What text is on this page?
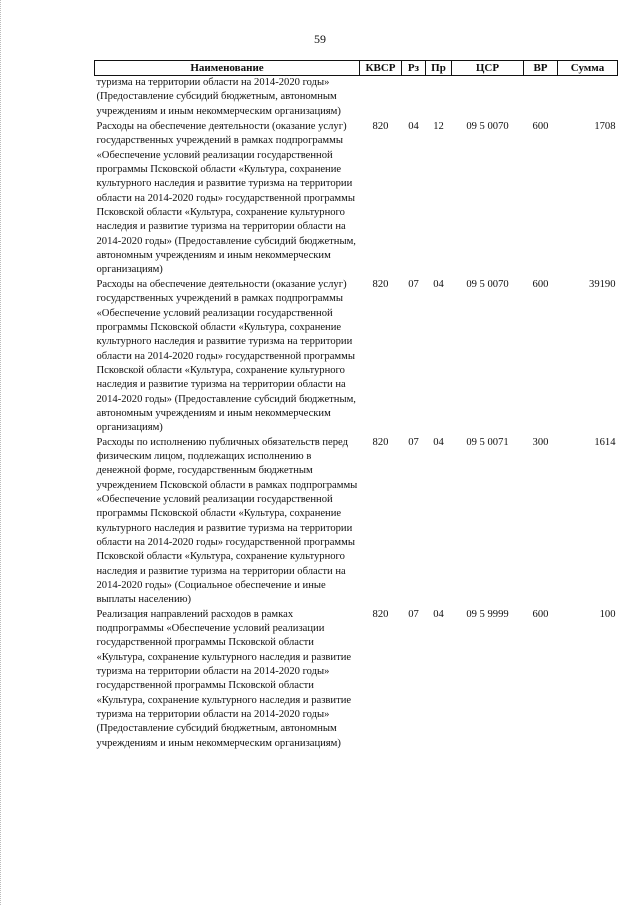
59
Наименование	КВСР	Рз	Пр	ЦСР	ВР	Сумма
туризма на территории области на 2014-2020 годы» (Предоставление субсидий бюджетным, автономным учреждениям и иным некоммерческим организациям)						
Расходы на обеспечение деятельности (оказание услуг) государственных учреждений в рамках подпрограммы «Обеспечение условий реализации государственной программы Псковской области «Культура, сохранение культурного наследия и развитие туризма на территории области на 2014-2020 годы» государственной программы Псковской области «Культура, сохранение культурного наследия и развитие туризма на территории области на 2014-2020 годы» (Предоставление субсидий бюджетным, автономным учреждениям и иным некоммерческим организациям)	820	04	12	09 5 0070	600	1708
Расходы на обеспечение деятельности (оказание услуг) государственных учреждений в рамках подпрограммы «Обеспечение условий реализации государственной программы Псковской области «Культура, сохранение культурного наследия и развитие туризма на территории области на 2014-2020 годы» государственной программы Псковской области «Культура, сохранение культурного наследия и развитие туризма на территории области на 2014-2020 годы» (Предоставление субсидий бюджетным, автономным учреждениям и иным некоммерческим организациям)	820	07	04	09 5 0070	600	39190
Расходы по исполнению публичных обязательств перед физическим лицом, подлежащих исполнению в денежной форме, государственным бюджетным учреждением Псковской области в рамках подпрограммы «Обеспечение условий реализации государственной программы Псковской области «Культура, сохранение культурного наследия и развитие туризма на территории области на 2014-2020 годы» государственной программы Псковской области «Культура, сохранение культурного наследия и развитие туризма на территории области на 2014-2020 годы» (Социальное обеспечение и иные выплаты населению)	820	07	04	09 5 0071	300	1614
Реализация направлений расходов в рамках подпрограммы «Обеспечение условий реализации государственной программы Псковской области «Культура, сохранение культурного наследия и развитие туризма на территории области на 2014-2020 годы» государственной программы Псковской области «Культура, сохранение культурного наследия и развитие туризма на территории области на 2014-2020 годы» (Предоставление субсидий бюджетным, автономным учреждениям и иным некоммерческим организациям)	820	07	04	09 5 9999	600	100
